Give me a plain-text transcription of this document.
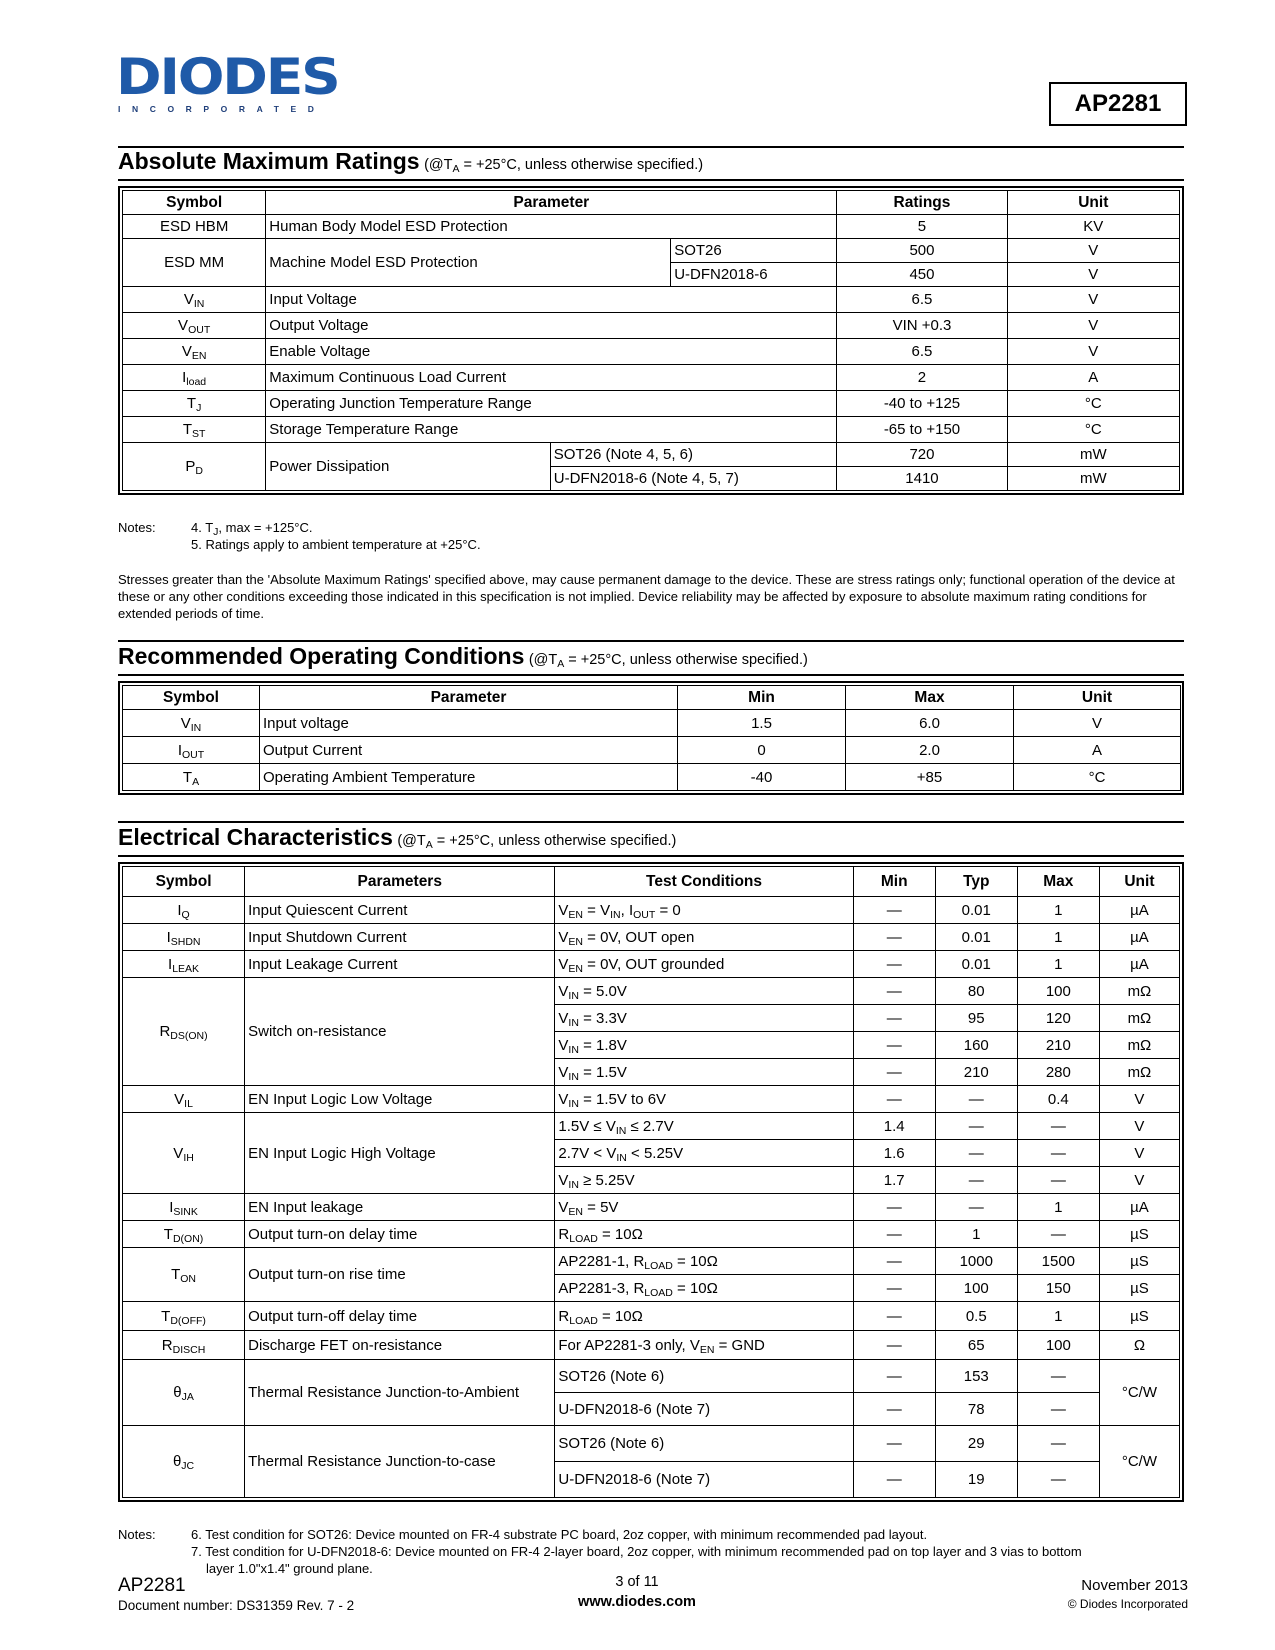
DIODES
INCORPORATED	AP2281
Absolute Maximum Ratings ($@T_A = +25^\circ C$, unless otherwise specified.)
Symbol	Parameter			Ratings	Unit
ESD HBM	Human Body Model ESD Protection			5	KV
ESD MM	Machine Model ESD Protection		SOT26	500	V
			U-DFN2018-6	450	V
$V_{IN}$	Input Voltage			6.5	V
$V_{OUT}$	Output Voltage			VIN +0.3	V
$V_{EN}$	Enable Voltage			6.5	V
$I_{load}$	Maximum Continuous Load Current			2	A
$T_J$	Operating Junction Temperature Range			-40 to +125	°C
$T_{ST}$	Storage Temperature Range			-65 to +150	°C
$P_D$	Power Dissipation	SOT26 (Note 4, 5, 6)		720	mW
		U-DFN2018-6 (Note 4, 5, 7)		1410	mW
Notes:	4. $T_J$, max = +125°C.
5. Ratings apply to ambient temperature at +25°C.
Stresses greater than the 'Absolute Maximum Ratings' specified above, may cause permanent damage to the device. These are stress ratings only; functional operation of the device at these or any other conditions exceeding those indicated in this specification is not implied. Device reliability may be affected by exposure to absolute maximum rating conditions for extended periods of time.
Recommended Operating Conditions ($@T_A = +25^\circ C$, unless otherwise specified.)
Symbol	Parameter	Min	Max	Unit
$V_{IN}$	Input voltage	1.5	6.0	V
$I_{OUT}$	Output Current	0	2.0	A
$T_A$	Operating Ambient Temperature	-40	+85	°C
Electrical Characteristics ($@T_A = +25^\circ C$, unless otherwise specified.)
Symbol	Parameters	Test Conditions	Min	Typ	Max	Unit
$I_Q$	Input Quiescent Current	$V_{EN} = V_{IN}$, $I_{OUT} = 0$	—	0.01	1	µA
$I_{SHDN}$	Input Shutdown Current	$V_{EN} = 0V$, OUT open	—	0.01	1	µA
$I_{LEAK}$	Input Leakage Current	$V_{EN} = 0V$, OUT grounded	—	0.01	1	µA
$R_{DS(ON)}$	Switch on-resistance	$V_{IN} = 5.0V$	—	80	100	mΩ
		$V_{IN} = 3.3V$	—	95	120	mΩ
		$V_{IN} = 1.8V$	—	160	210	mΩ
		$V_{IN} = 1.5V$	—	210	280	mΩ
$V_{IL}$	EN Input Logic Low Voltage	$V_{IN} = 1.5V$ to 6V	—	—	0.4	V
$V_{IH}$	EN Input Logic High Voltage	$1.5V \le V_{IN} \le 2.7V$	1.4	—	—	V
		$2.7V < V_{IN} < 5.25V$	1.6	—	—	V
		$V_{IN} \ge 5.25V$	1.7	—	—	V
$I_{SINK}$	EN Input leakage	$V_{EN} = 5V$	—	—	1	µA
$T_{D(ON)}$	Output turn-on delay time	$R_{LOAD} = 10\Omega$	—	1	—	µS
$T_{ON}$	Output turn-on rise time	AP2281-1, $R_{LOAD} = 10\Omega$	—	1000	1500	µS
		AP2281-3, $R_{LOAD} = 10\Omega$	—	100	150	µS
$T_{D(OFF)}$	Output turn-off delay time	$R_{LOAD} = 10\Omega$	—	0.5	1	µS
$R_{DISCH}$	Discharge FET on-resistance	For AP2281-3 only, $V_{EN}$ = GND	—	65	100	Ω
$\theta_{JA}$	Thermal Resistance Junction-to-Ambient	SOT26 (Note 6)	—	153	—	°C/W
		U-DFN2018-6 (Note 7)	—	78	—	
$\theta_{JC}$	Thermal Resistance Junction-to-case	SOT26 (Note 6)	—	29	—	°C/W
		U-DFN2018-6 (Note 7)	—	19	—	
Notes:	6. Test condition for SOT26: Device mounted on FR-4 substrate PC board, 2oz copper, with minimum recommended pad layout.
7. Test condition for U-DFN2018-6: Device mounted on FR-4 2-layer board, 2oz copper, with minimum recommended pad on top layer and 3 vias to bottom
layer 1.0"x1.4" ground plane.
AP2281
Document number: DS31359 Rev. 7 - 2
3 of 11
www.diodes.com
November 2013
© Diodes Incorporated
